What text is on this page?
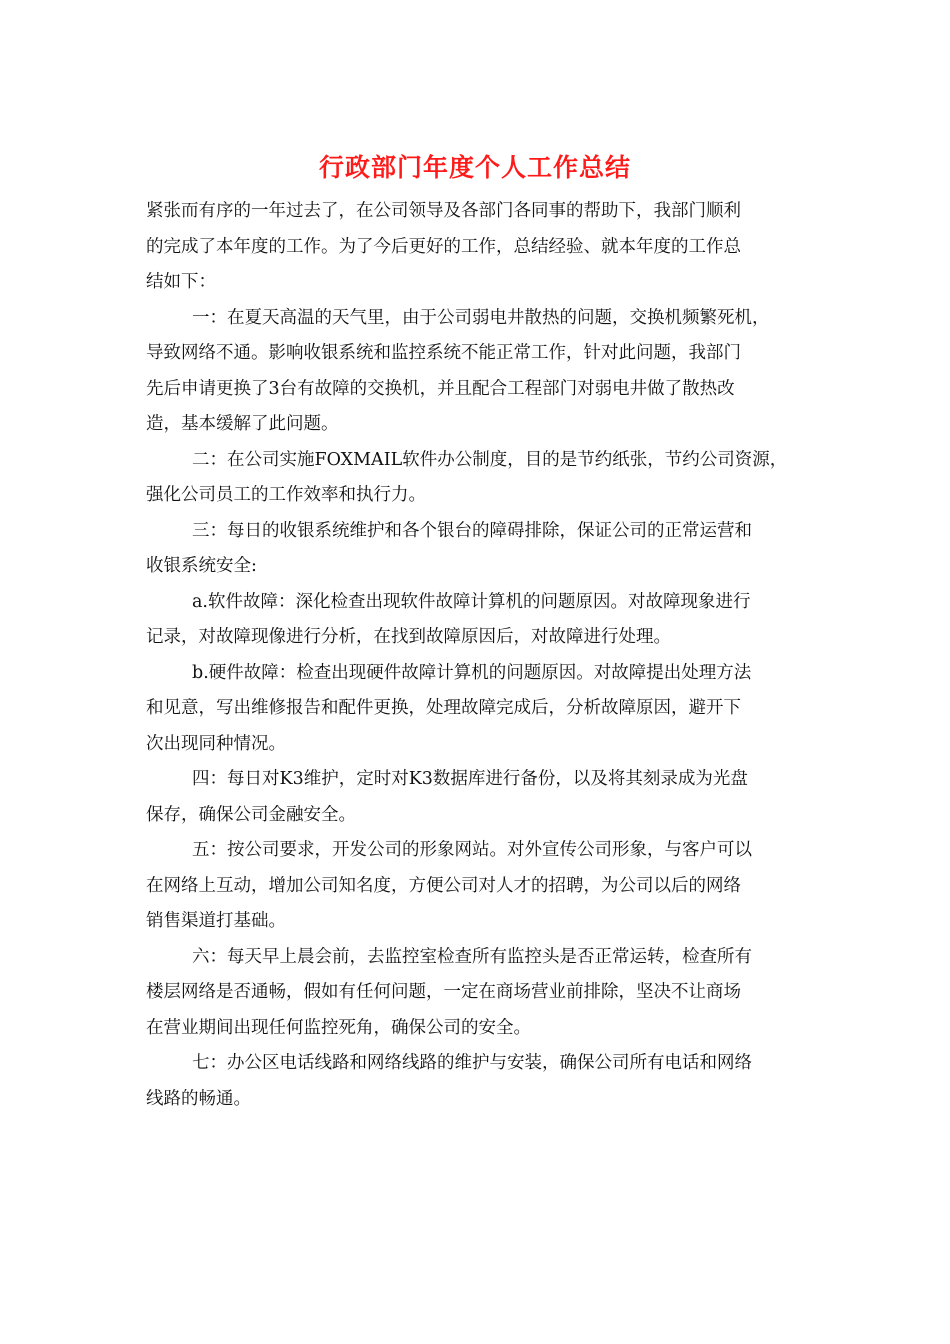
行政部门年度个人工作总结
紧张而有序的一年过去了，在公司领导及各部门各同事的帮助下，我部门顺利
的完成了本年度的工作。为了今后更好的工作，总结经验、就本年度的工作总
结如下：
一：在夏天高温的天气里，由于公司弱电井散热的问题，交换机频繁死机，
导致网络不通。影响收银系统和监控系统不能正常工作，针对此问题，我部门
先后申请更换了3台有故障的交换机，并且配合工程部门对弱电井做了散热改
造，基本缓解了此问题。
二：在公司实施FOXMAIL软件办公制度，目的是节约纸张，节约公司资源，
强化公司员工的工作效率和执行力。
三：每日的收银系统维护和各个银台的障碍排除，保证公司的正常运营和
收银系统安全:
a.软件故障：深化检查出现软件故障计算机的问题原因。对故障现象进行
记录，对故障现像进行分析，在找到故障原因后，对故障进行处理。
b.硬件故障：检查出现硬件故障计算机的问题原因。对故障提出处理方法
和见意，写出维修报告和配件更换，处理故障完成后，分析故障原因，避开下
次出现同种情况。
四：每日对K3维护，定时对K3数据库进行备份，以及将其刻录成为光盘
保存，确保公司金融安全。
五：按公司要求，开发公司的形象网站。对外宣传公司形象，与客户可以
在网络上互动，增加公司知名度，方便公司对人才的招聘，为公司以后的网络
销售渠道打基础。
六：每天早上晨会前，去监控室检查所有监控头是否正常运转，检查所有
楼层网络是否通畅，假如有任何问题，一定在商场营业前排除，坚决不让商场
在营业期间出现任何监控死角，确保公司的安全。
七：办公区电话线路和网络线路的维护与安装，确保公司所有电话和网络
线路的畅通。
